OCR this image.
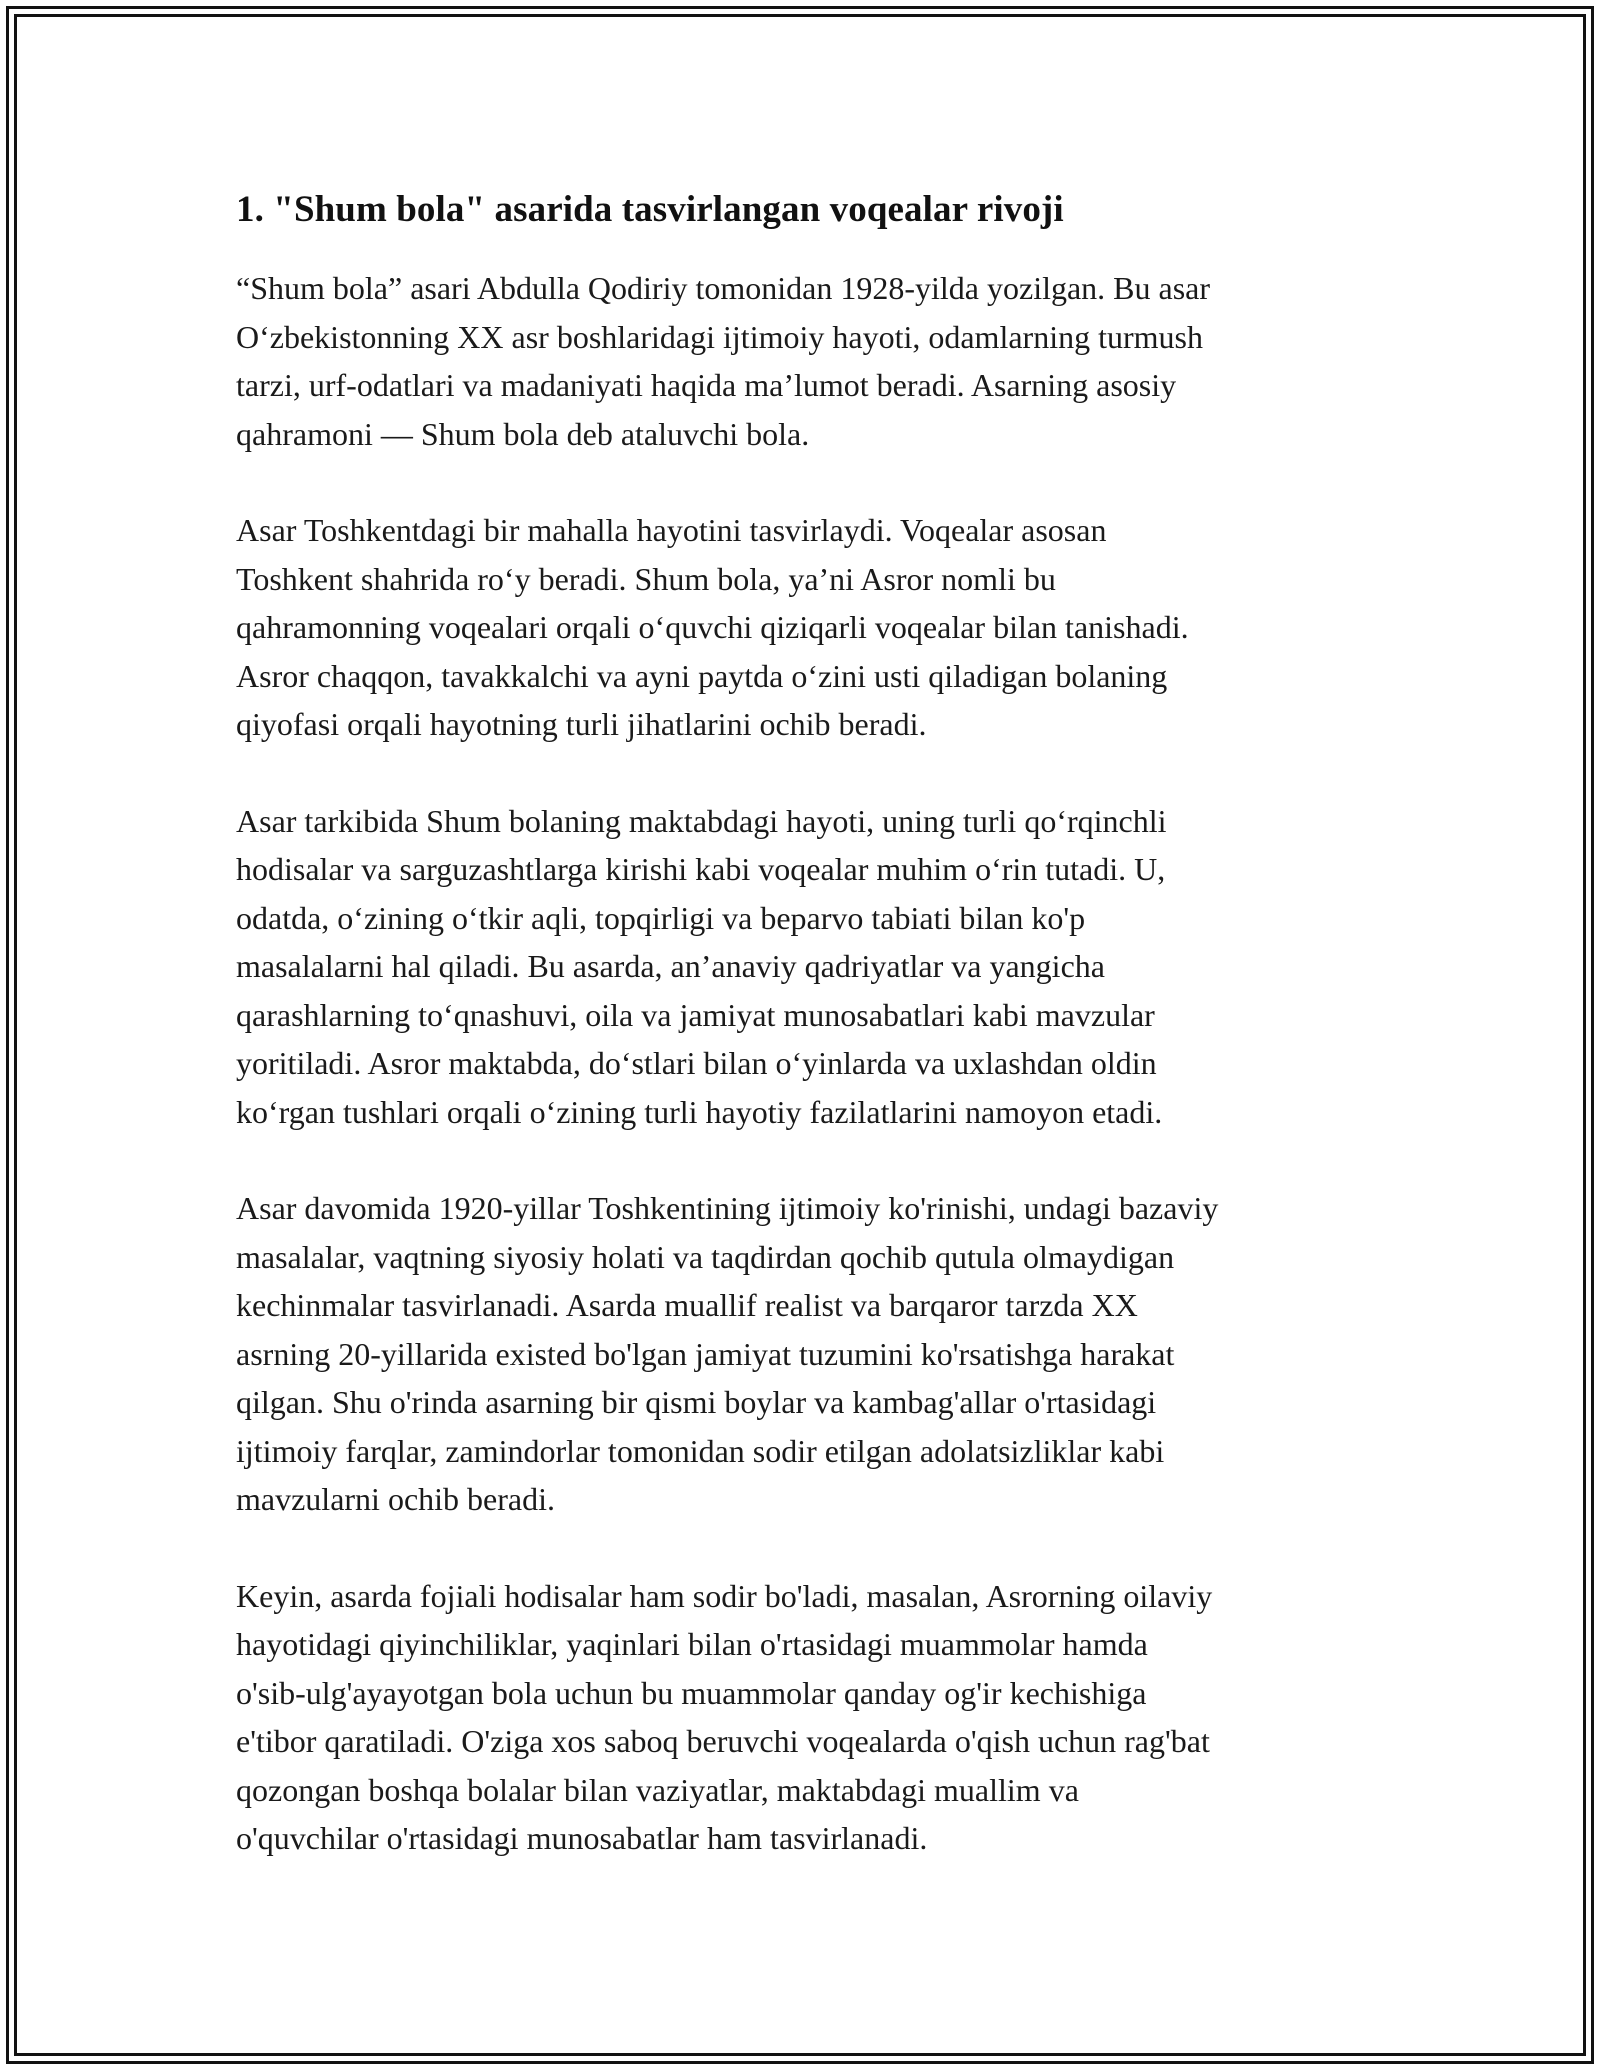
1. "Shum bola" asarida tasvirlangan voqealar rivoji

“Shum bola” asari Abdulla Qodiriy tomonidan 1928-yilda yozilgan. Bu asar
O‘zbekistonning XX asr boshlaridagi ijtimoiy hayoti, odamlarning turmush
tarzi, urf-odatlari va madaniyati haqida ma’lumot beradi. Asarning asosiy
qahramoni — Shum bola deb ataluvchi bola.

Asar Toshkentdagi bir mahalla hayotini tasvirlaydi. Voqealar asosan
Toshkent shahrida ro‘y beradi. Shum bola, ya’ni Asror nomli bu
qahramonning voqealari orqali o‘quvchi qiziqarli voqealar bilan tanishadi.
Asror chaqqon, tavakkalchi va ayni paytda o‘zini usti qiladigan bolaning
qiyofasi orqali hayotning turli jihatlarini ochib beradi.

Asar tarkibida Shum bolaning maktabdagi hayoti, uning turli qo‘rqinchli
hodisalar va sarguzashtlarga kirishi kabi voqealar muhim o‘rin tutadi. U,
odatda, o‘zining o‘tkir aqli, topqirligi va beparvo tabiati bilan ko'p
masalalarni hal qiladi. Bu asarda, an’anaviy qadriyatlar va yangicha
qarashlarning to‘qnashuvi, oila va jamiyat munosabatlari kabi mavzular
yoritiladi. Asror maktabda, do‘stlari bilan o‘yinlarda va uxlashdan oldin
ko‘rgan tushlari orqali o‘zining turli hayotiy fazilatlarini namoyon etadi.

Asar davomida 1920-yillar Toshkentining ijtimoiy ko'rinishi, undagi bazaviy
masalalar, vaqtning siyosiy holati va taqdirdan qochib qutula olmaydigan
kechinmalar tasvirlanadi. Asarda muallif realist va barqaror tarzda XX
asrning 20-yillarida existed bo'lgan jamiyat tuzumini ko'rsatishga harakat
qilgan. Shu o'rinda asarning bir qismi boylar va kambag'allar o'rtasidagi
ijtimoiy farqlar, zamindorlar tomonidan sodir etilgan adolatsizliklar kabi
mavzularni ochib beradi.

Keyin, asarda fojiali hodisalar ham sodir bo'ladi, masalan, Asrorning oilaviy
hayotidagi qiyinchiliklar, yaqinlari bilan o'rtasidagi muammolar hamda
o'sib-ulg'ayayotgan bola uchun bu muammolar qanday og'ir kechishiga
e'tibor qaratiladi. O'ziga xos saboq beruvchi voqealarda o'qish uchun rag'bat
qozongan boshqa bolalar bilan vaziyatlar, maktabdagi muallim va
o'quvchilar o'rtasidagi munosabatlar ham tasvirlanadi.
